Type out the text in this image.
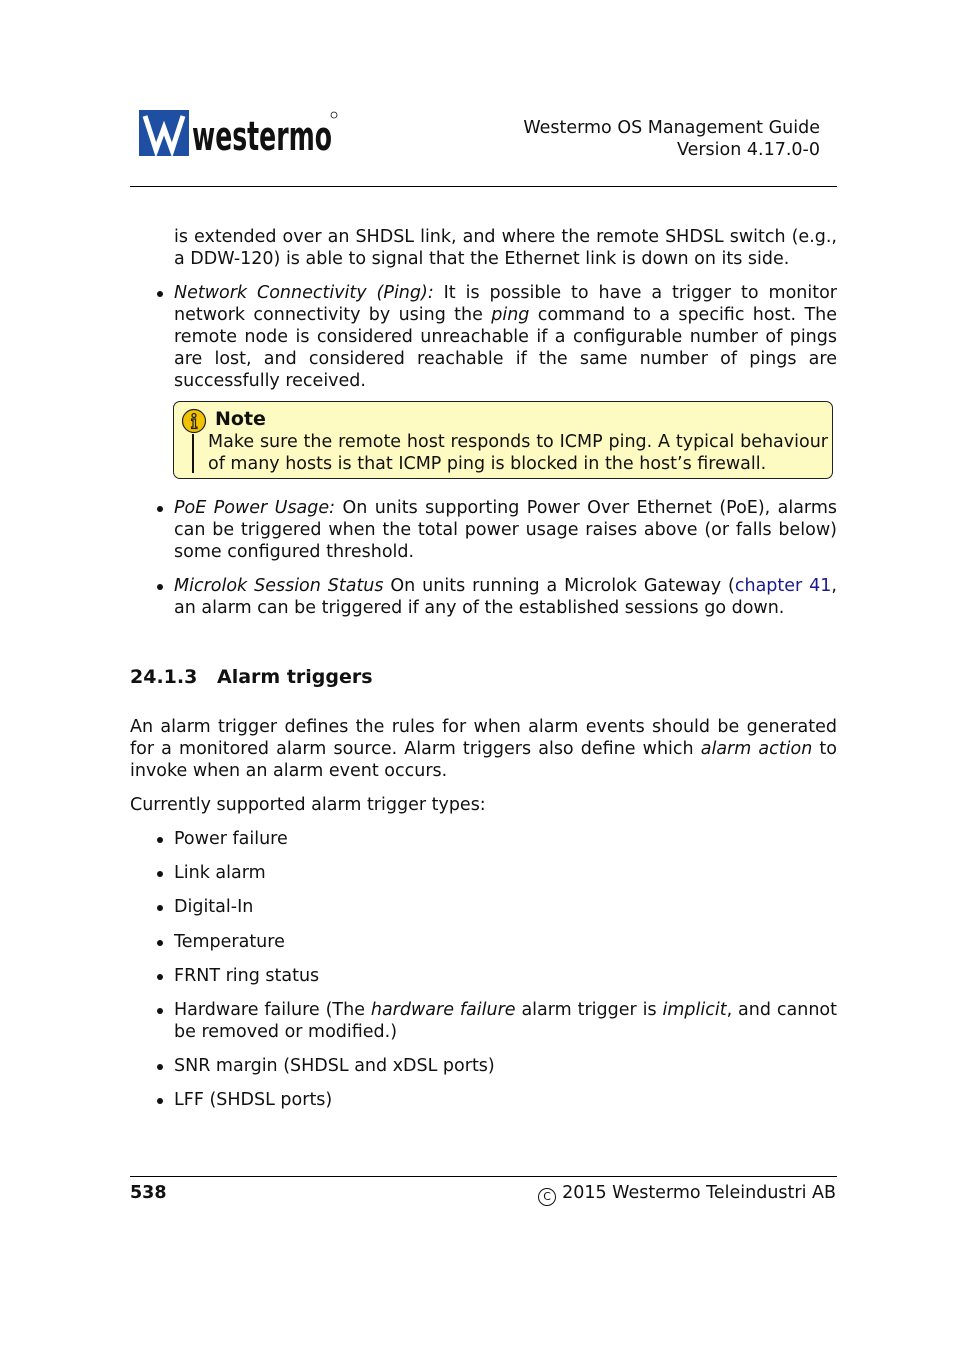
westermo	Westermo OS Management Guide
Version 4.17.0-0

is extended over an SHDSL link, and where the remote SHDSL switch (e.g., a DDW-120) is able to signal that the Ethernet link is down on its side.

Network Connectivity (Ping): It is possible to have a trigger to monitor network connectivity by using the ping command to a specific host. The remote node is considered unreachable if a configurable number of pings are lost, and considered reachable if the same number of pings are successfully received.

Note

Make sure the remote host responds to ICMP ping. A typical behaviour of many hosts is that ICMP ping is blocked in the host’s firewall.

PoE Power Usage: On units supporting Power Over Ethernet (PoE), alarms can be triggered when the total power usage raises above (or falls below) some configured threshold.

Microlok Session Status On units running a Microlok Gateway (chapter 41, an alarm can be triggered if any of the established sessions go down.

24.1.3 Alarm triggers

An alarm trigger defines the rules for when alarm events should be generated for a monitored alarm source. Alarm triggers also define which alarm action to invoke when an alarm event occurs.

Currently supported alarm trigger types:

Power failure

Link alarm

Digital-In

Temperature

FRNT ring status

Hardware failure (The hardware failure alarm trigger is implicit, and cannot be removed or modified.)

SNR margin (SHDSL and xDSL ports)

LFF (SHDSL ports)

538	C 2015 Westermo Teleindustri AB
